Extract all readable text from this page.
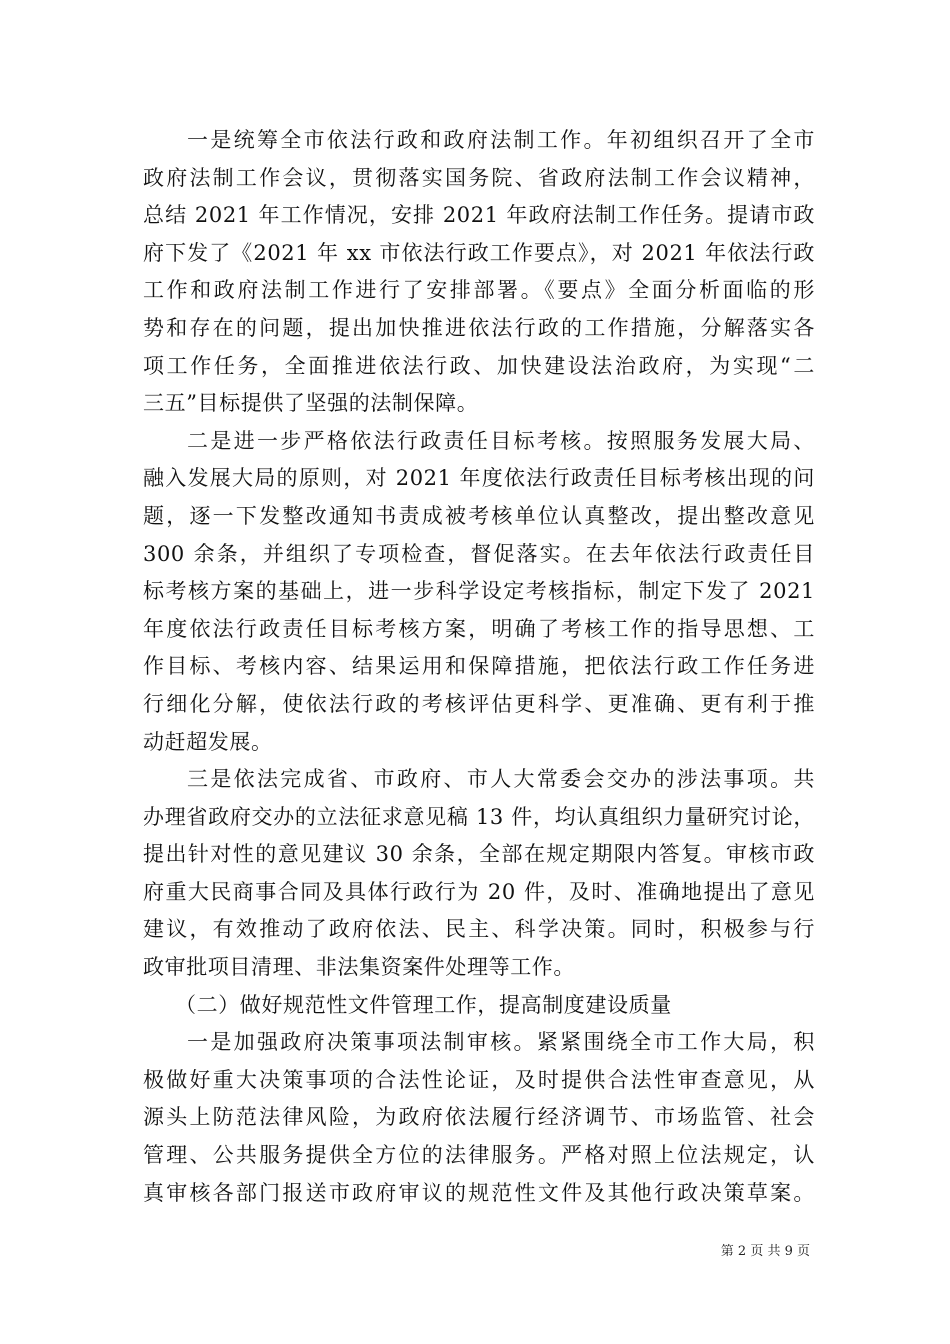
一是统筹全市依法行政和政府法制工作。年初组织召开了全市
政府法制工作会议，贯彻落实国务院、省政府法制工作会议精神，
总结 2021 年工作情况，安排 2021 年政府法制工作任务。提请市政
府下发了《2021 年 xx 市依法行政工作要点》，对 2021 年依法行政
工作和政府法制工作进行了安排部署。《要点》全面分析面临的形
势和存在的问题，提出加快推进依法行政的工作措施，分解落实各
项工作任务，全面推进依法行政、加快建设法治政府，为实现“二
三五”目标提供了坚强的法制保障。
二是进一步严格依法行政责任目标考核。按照服务发展大局、
融入发展大局的原则，对 2021 年度依法行政责任目标考核出现的问
题，逐一下发整改通知书责成被考核单位认真整改，提出整改意见
300 余条，并组织了专项检查，督促落实。在去年依法行政责任目
标考核方案的基础上，进一步科学设定考核指标，制定下发了 2021
年度依法行政责任目标考核方案，明确了考核工作的指导思想、工
作目标、考核内容、结果运用和保障措施，把依法行政工作任务进
行细化分解，使依法行政的考核评估更科学、更准确、更有利于推
动赶超发展。
三是依法完成省、市政府、市人大常委会交办的涉法事项。共
办理省政府交办的立法征求意见稿 13 件，均认真组织力量研究讨论，
提出针对性的意见建议 30 余条，全部在规定期限内答复。审核市政
府重大民商事合同及具体行政行为 20 件，及时、准确地提出了意见
建议，有效推动了政府依法、民主、科学决策。同时，积极参与行
政审批项目清理、非法集资案件处理等工作。
（二）做好规范性文件管理工作，提高制度建设质量
一是加强政府决策事项法制审核。紧紧围绕全市工作大局，积
极做好重大决策事项的合法性论证，及时提供合法性审查意见，从
源头上防范法律风险，为政府依法履行经济调节、市场监管、社会
管理、公共服务提供全方位的法律服务。严格对照上位法规定，认
真审核各部门报送市政府审议的规范性文件及其他行政决策草案。
第 2 页 共 9 页
